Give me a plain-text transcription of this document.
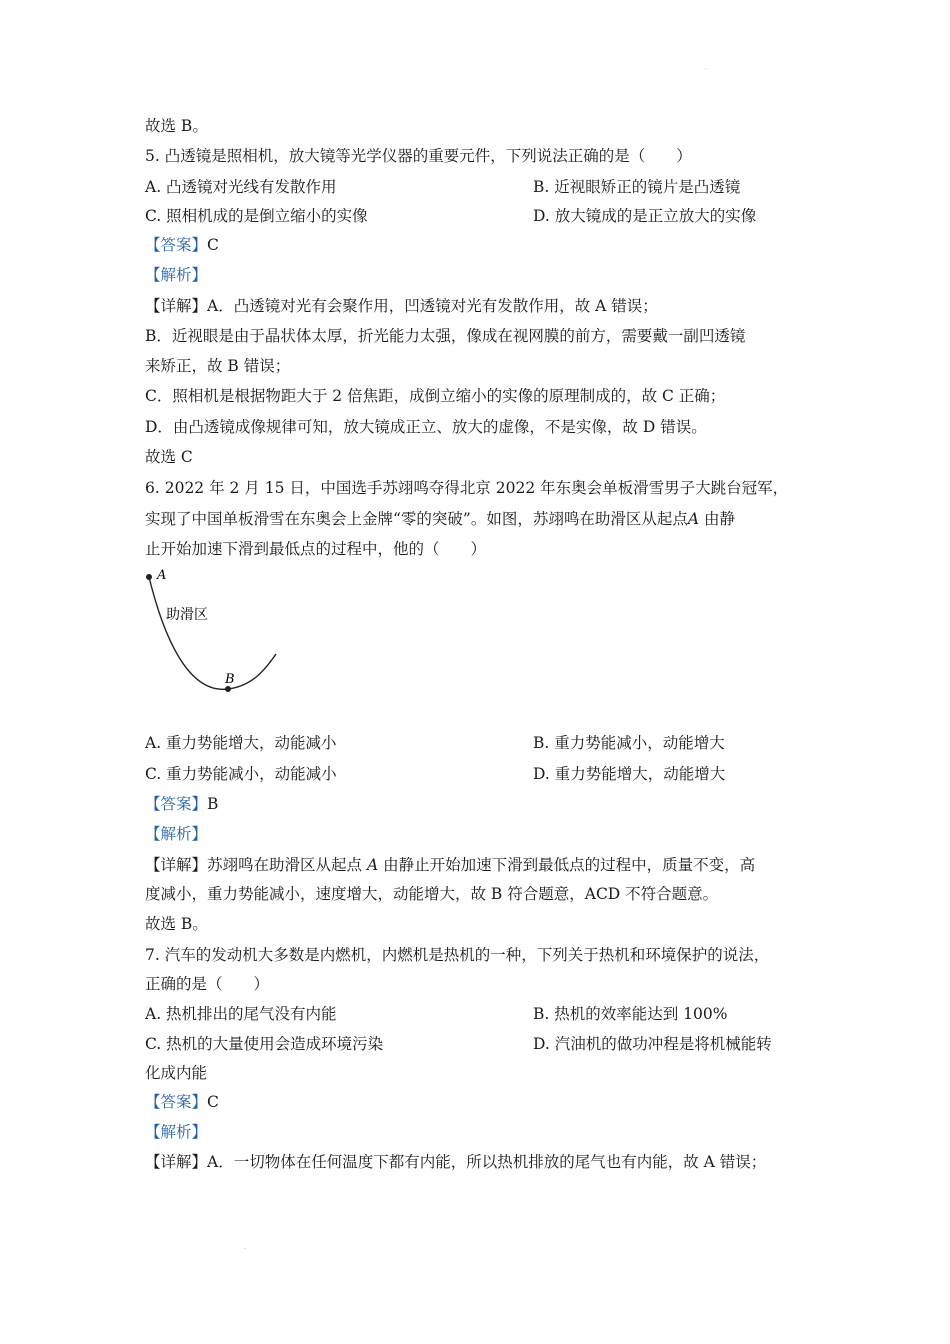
·
故选 B。
5. 凸透镜是照相机，放大镜等光学仪器的重要元件，下列说法正确的是（　　）
A. 凸透镜对光线有发散作用	B. 近视眼矫正的镜片是凸透镜
C. 照相机成的是倒立缩小的实像	D. 放大镜成的是正立放大的实像
【答案】C
【解析】
【详解】A．凸透镜对光有会聚作用，凹透镜对光有发散作用，故 A 错误；
B．近视眼是由于晶状体太厚，折光能力太强，像成在视网膜的前方，需要戴一副凹透镜
来矫正，故 B 错误；
C．照相机是根据物距大于 2 倍焦距，成倒立缩小的实像的原理制成的，故 C 正确；
D．由凸透镜成像规律可知，放大镜成正立、放大的虚像，不是实像，故 D 错误。
故选 C
6. 2022 年 2 月 15 日，中国选手苏翊鸣夺得北京 2022 年东奥会单板滑雪男子大跳台冠军，
实现了中国单板滑雪在东奥会上金牌“零的突破”。如图，苏翊鸣在助滑区从起点A 由静
止开始加速下滑到最低点的过程中，他的（　　）
A
B
助滑区
A. 重力势能增大，动能减小	B. 重力势能减小，动能增大
C. 重力势能减小，动能减小	D. 重力势能增大，动能增大
【答案】B
【解析】
【详解】苏翊鸣在助滑区从起点 A 由静止开始加速下滑到最低点的过程中，质量不变，高
度减小，重力势能减小，速度增大，动能增大，故 B 符合题意，ACD 不符合题意。
故选 B。
7. 汽车的发动机大多数是内燃机，内燃机是热机的一种，下列关于热机和环境保护的说法，
正确的是（　　）
A. 热机排出的尾气没有内能	B. 热机的效率能达到 100%
C. 热机的大量使用会造成环境污染	D. 汽油机的做功冲程是将机械能转
化成内能
【答案】C
【解析】
【详解】A．一切物体在任何温度下都有内能，所以热机排放的尾气也有内能，故 A 错误；
·
